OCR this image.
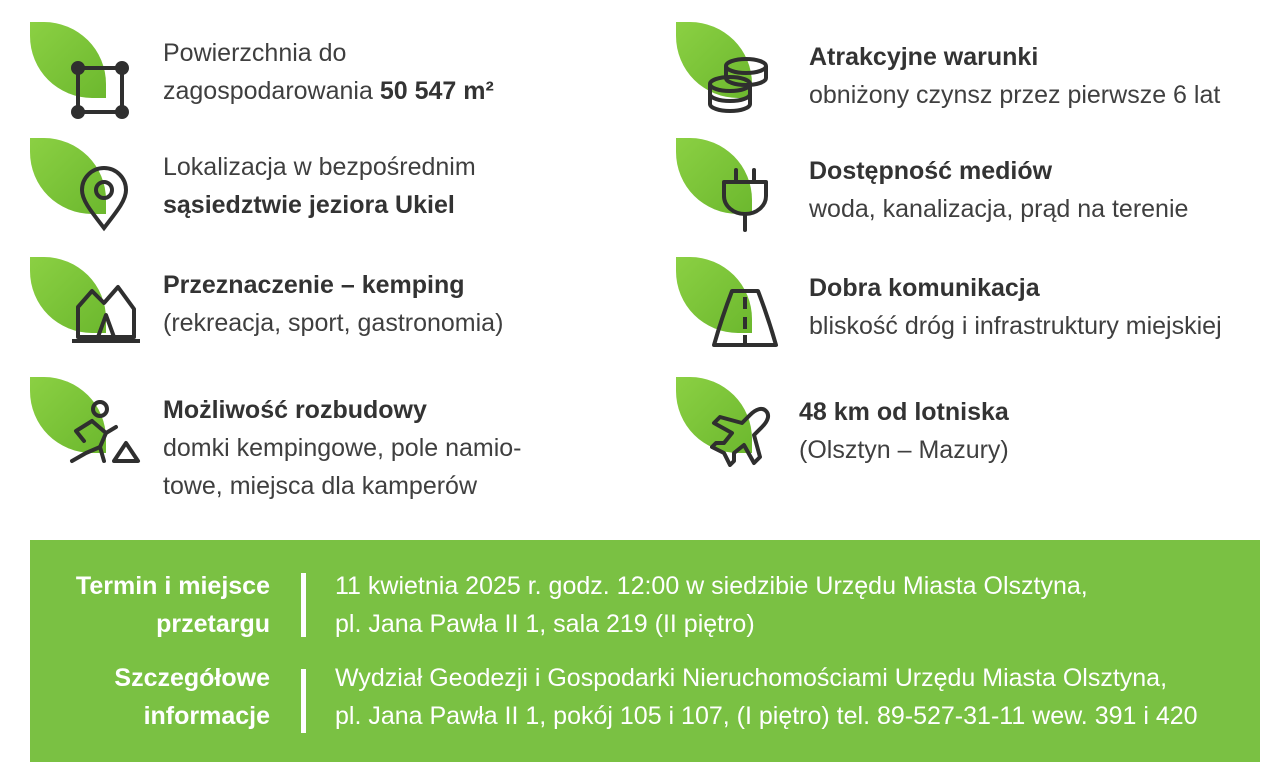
Powierzchnia do
zagospodarowania 50 547 m²
Lokalizacja w bezpośrednim
sąsiedztwie jeziora Ukiel
Przeznaczenie – kemping
(rekreacja, sport, gastronomia)
Możliwość rozbudowy
domki kempingowe, pole namio-
towe, miejsca dla kamperów
Atrakcyjne warunki
obniżony czynsz przez pierwsze 6 lat
Dostępność mediów
woda, kanalizacja, prąd na terenie
Dobra komunikacja
bliskość dróg i infrastruktury miejskiej
48 km od lotniska
(Olsztyn – Mazury)
Termin i miejsce
przetargu
11 kwietnia 2025 r. godz. 12:00 w siedzibie Urzędu Miasta Olsztyna,
pl. Jana Pawła II 1, sala 219 (II piętro)
Szczegółowe
informacje
Wydział Geodezji i Gospodarki Nieruchomościami Urzędu Miasta Olsztyna,
pl. Jana Pawła II 1, pokój 105 i 107, (I piętro) tel. 89-527-31-11 wew. 391 i 420
